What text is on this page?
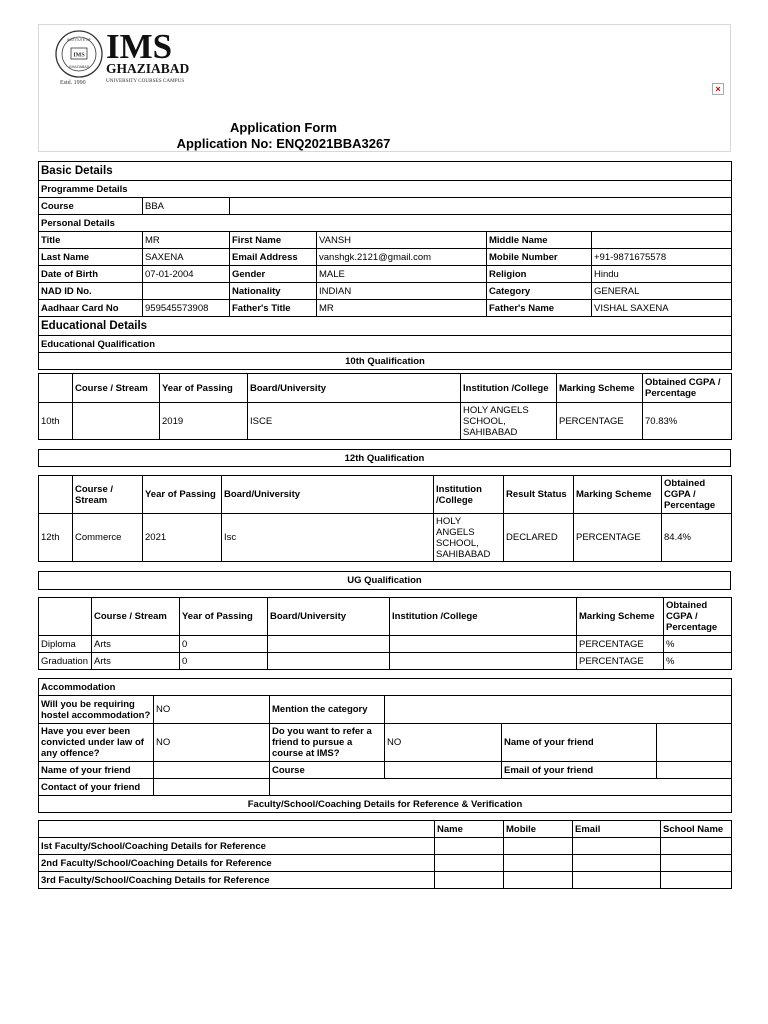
IMS
INSTITUTE OF
GHAZIABAD
IMS
GHAZIABAD
Estd. 1990	UNIVERSITY COURSES CAMPUS
×
Application Form
Application No: ENQ2021BBA3267
Basic Details					
Programme Details					
Course	BBA				
Personal Details					
Title	MR	First Name	VANSH	Middle Name	
Last Name	SAXENA	Email Address	vanshgk.2121@gmail.com	Mobile Number	+91-9871675578
Date of Birth	07-01-2004	Gender	MALE	Religion	Hindu
NAD ID No.		Nationality	INDIAN	Category	GENERAL
Aadhaar Card No	959545573908	Father's Title	MR	Father's Name	VISHAL SAXENA
Educational Details					
Educational Qualification					
10th Qualification					
	Course / Stream	Year of Passing	Board/University	Institution /College	Marking Scheme	Obtained CGPA / Percentage
10th		2019	ISCE	HOLY ANGELS SCHOOL, SAHIBABAD	PERCENTAGE	70.83%
12th Qualification
	Course / Stream	Year of Passing	Board/University	Institution /College	Result Status	Marking Scheme	Obtained CGPA / Percentage
12th	Commerce	2021	Isc	HOLY ANGELS SCHOOL, SAHIBABAD	DECLARED	PERCENTAGE	84.4%
UG Qualification
	Course / Stream	Year of Passing	Board/University	Institution /College	Marking Scheme	Obtained CGPA / Percentage
Diploma	Arts	0			PERCENTAGE	%
Graduation	Arts	0			PERCENTAGE	%
Accommodation					
Will you be requiring hostel accommodation?	NO	Mention the category			
Have you ever been convicted under law of any offence?	NO	Do you want to refer a friend to pursue a course at IMS?	NO	Name of your friend	
Name of your friend		Course		Email of your friend	
Contact of your friend					
Faculty/School/Coaching Details for Reference & Verification					
	Name	Mobile	Email	School Name
Ist Faculty/School/Coaching Details for Reference				
2nd Faculty/School/Coaching Details for Reference				
3rd Faculty/School/Coaching Details for Reference				
